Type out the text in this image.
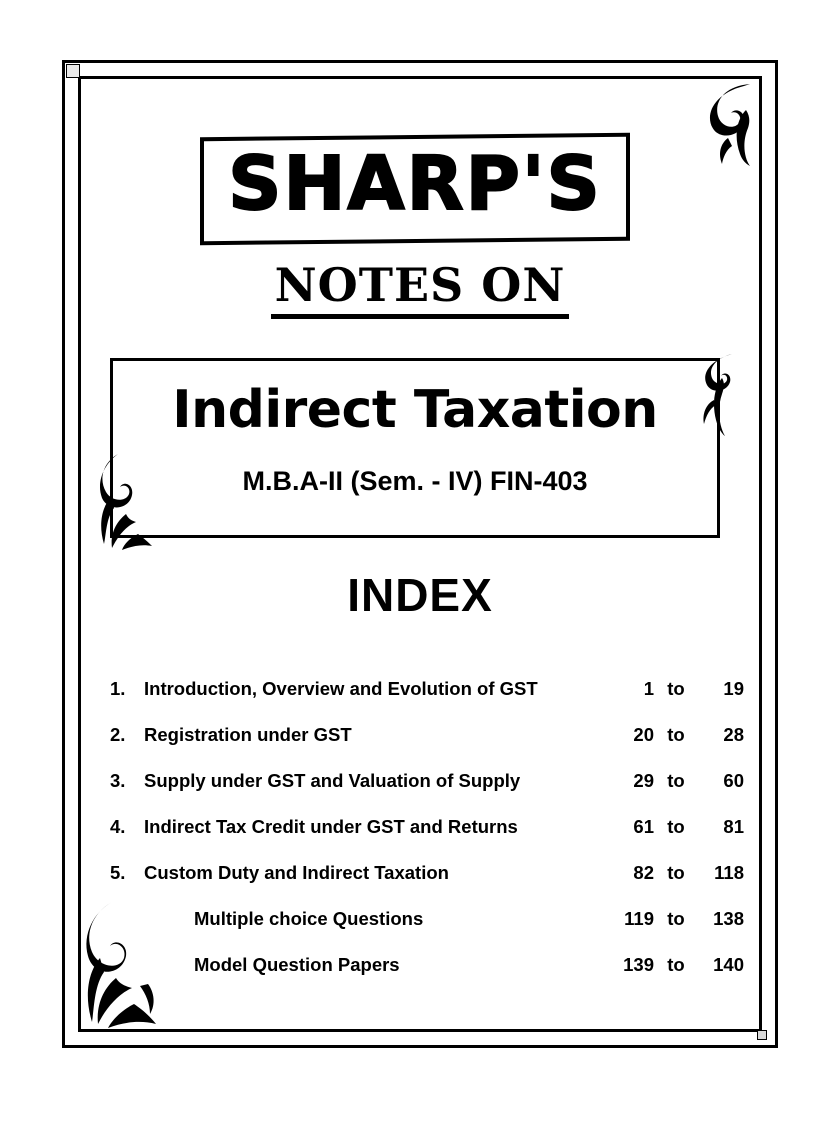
SHARP'S
NOTES ON
Indirect Taxation
M.B.A-II (Sem. - IV) FIN-403
INDEX
1.	Introduction, Overview and Evolution of GST	1 to	19
2.	Registration under GST	20 to	28
3.	Supply under GST and Valuation of Supply	29 to	60
4.	Indirect Tax Credit under GST and Returns	61 to	81
5.	Custom Duty and Indirect Taxation	82 to	118
Multiple choice Questions	119 to	138
Model Question Papers	139 to	140
